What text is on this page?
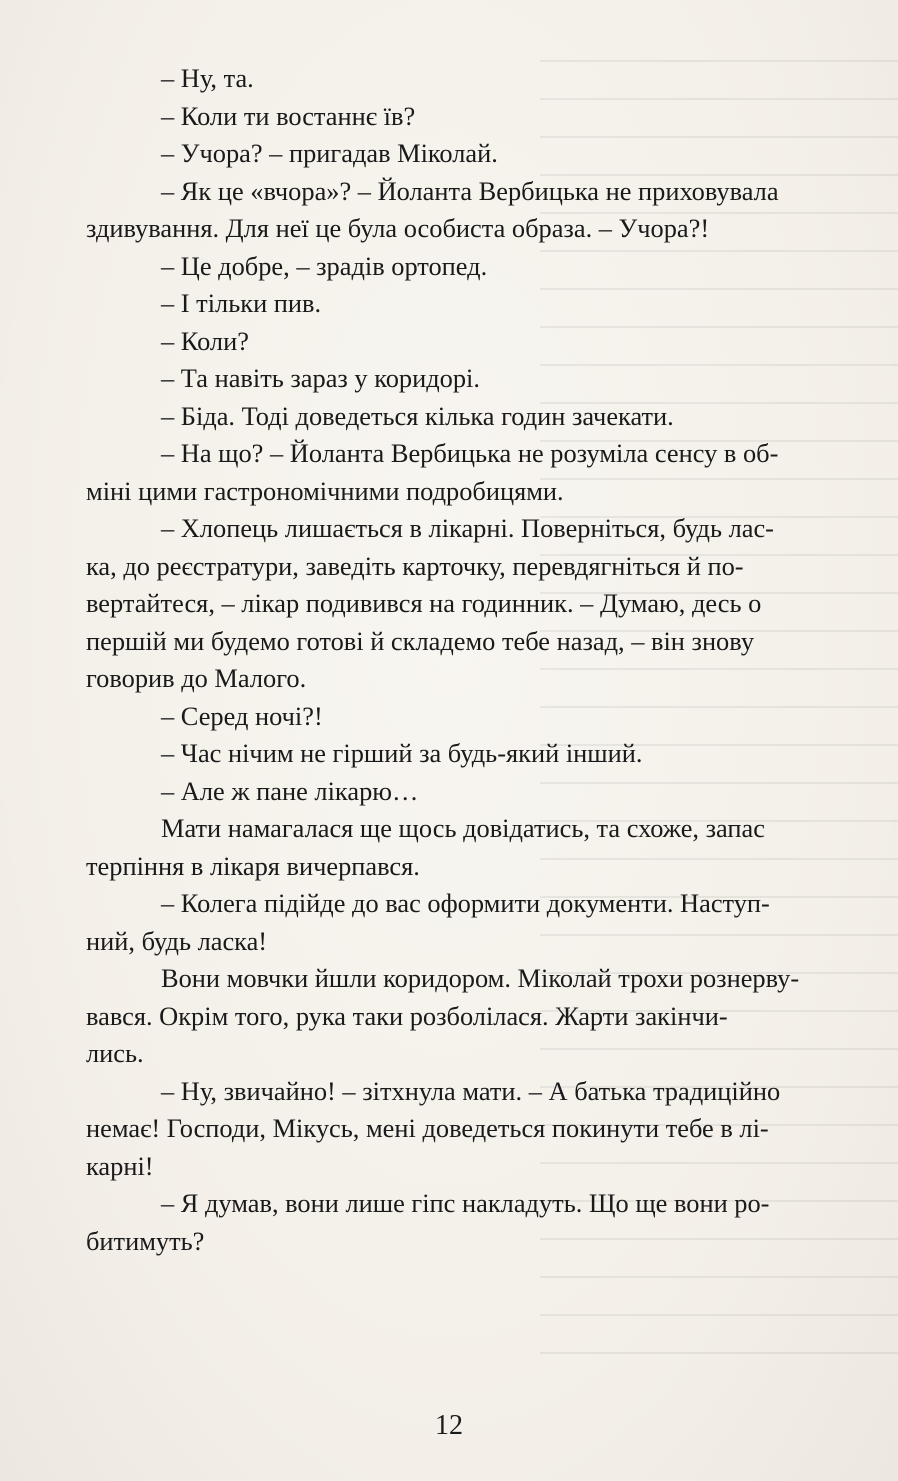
– Ну, та.
– Коли ти востаннє їв?
– Учора? – пригадав Міколай.
– Як це «вчора»? – Йоланта Вербицька не приховувала
здивування. Для неї це була особиста образа. – Учора?!
– Це добре, – зрадів ортопед.
– І тільки пив.
– Коли?
– Та навіть зараз у коридорі.
– Біда. Тоді доведеться кілька годин зачекати.
– На що? – Йоланта Вербицька не розуміла сенсу в об-
міні цими гастрономічними подробицями.
– Хлопець лишається в лікарні. Поверніться, будь лас-
ка, до реєстратури, заведіть карточку, перевдягніться й по-
вертайтеся, – лікар подивився на годинник. – Думаю, десь о
першій ми будемо готові й складемо тебе назад, – він знову
говорив до Малого.
– Серед ночі?!
– Час нічим не гірший за будь-який інший.
– Але ж пане лікарю…
Мати намагалася ще щось довідатись, та схоже, запас
терпіння в лікаря вичерпався.
– Колега підійде до вас оформити документи. Наступ-
ний, будь ласка!
Вони мовчки йшли коридором. Міколай трохи рознерву-
вався. Окрім того, рука таки розболілася. Жарти закінчи-
лись.
– Ну, звичайно! – зітхнула мати. – А батька традиційно
немає! Господи, Мікусь, мені доведеться покинути тебе в лі-
карні!
– Я думав, вони лише гіпс накладуть. Що ще вони ро-
битимуть?
12
